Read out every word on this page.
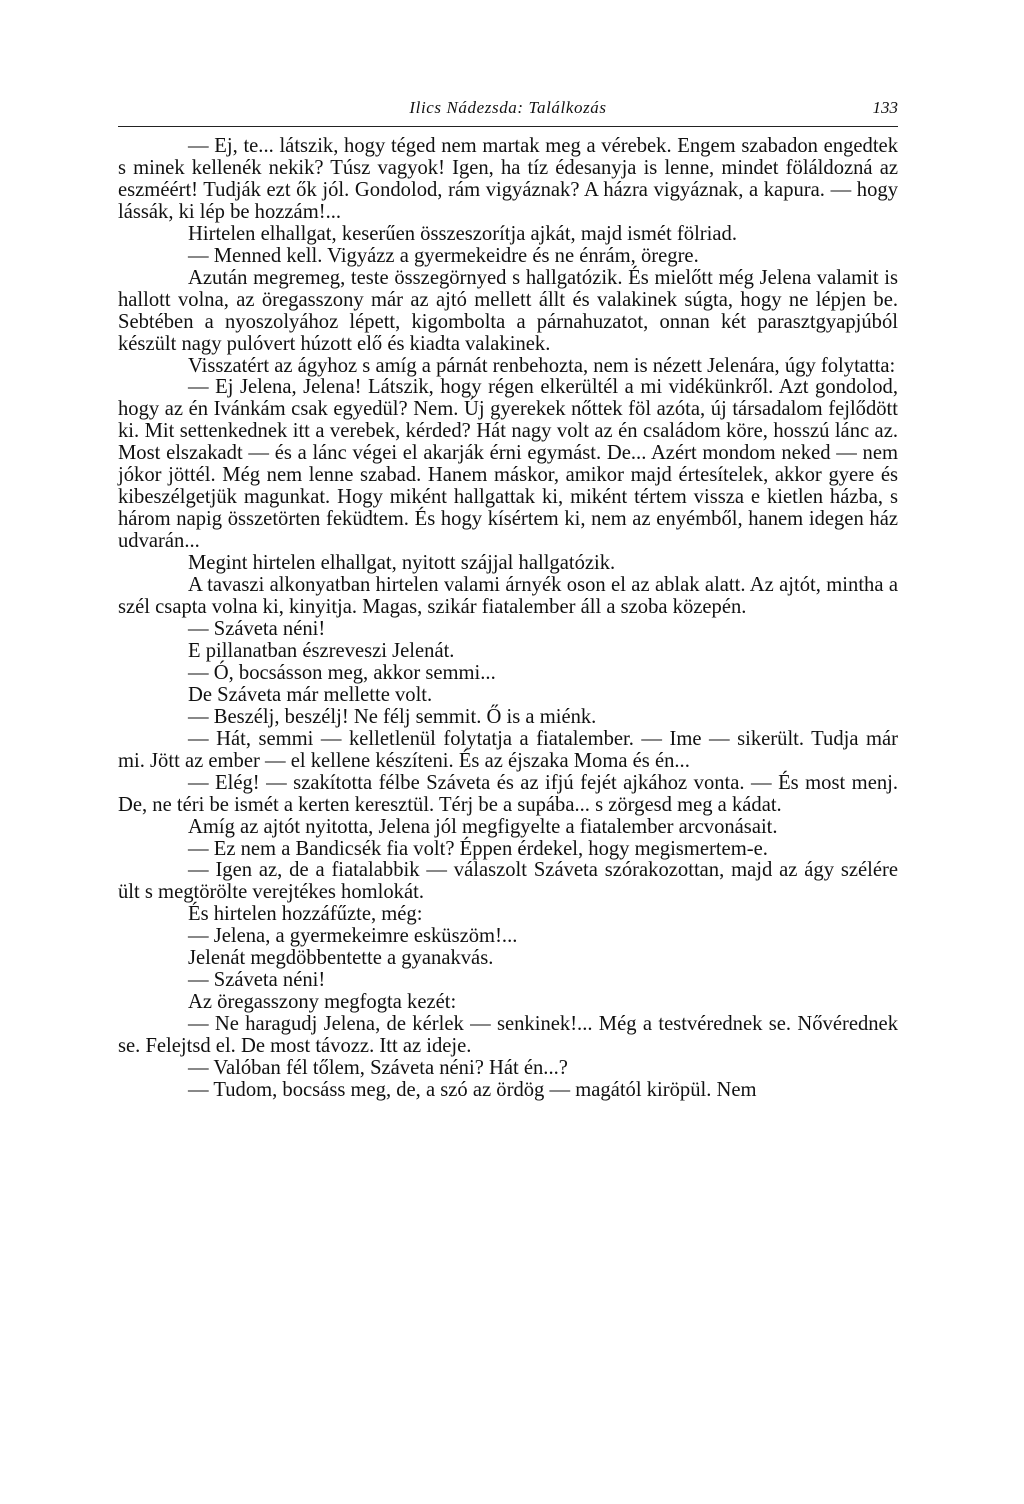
Ilics Nádezsda: Találkozás	133

— Ej, te... látszik, hogy téged nem martak meg a vérebek. Engem szabadon engedtek s minek kellenék nekik? Túsz vagyok! Igen, ha tíz édesanyja is lenne, mindet föláldozná az eszméért! Tudják ezt ők jól. Gondolod, rám vigyáznak? A házra vigyáznak, a kapura. — hogy lássák, ki lép be hozzám!...

Hirtelen elhallgat, keserűen összeszorítja ajkát, majd ismét fölriad.

— Menned kell. Vigyázz a gyermekeidre és ne énrám, öregre.

Azután megremeg, teste összegörnyed s hallgatózik. És mielőtt még Jelena valamit is hallott volna, az öregasszony már az ajtó mellett állt és valakinek súgta, hogy ne lépjen be. Sebtében a nyoszolyához lépett, kigombolta a párnahuzatot, onnan két parasztgyapjúból készült nagy pulóvert húzott elő és kiadta valakinek.

Visszatért az ágyhoz s amíg a párnát renbehozta, nem is nézett Jelenára, úgy folytatta:

— Ej Jelena, Jelena! Látszik, hogy régen elkerültél a mi vidékünkről. Azt gondolod, hogy az én Ivánkám csak egyedül? Nem. Új gyerekek nőttek föl azóta, új társadalom fejlődött ki. Mit settenkednek itt a verebek, kérded? Hát nagy volt az én családom köre, hosszú lánc az. Most elszakadt — és a lánc végei el akarják érni egymást. De... Azért mondom neked — nem jókor jöttél. Még nem lenne szabad. Hanem máskor, amikor majd értesítelek, akkor gyere és kibeszélgetjük magunkat. Hogy miként hallgattak ki, miként tértem vissza e kietlen házba, s három napig összetörten feküdtem. És hogy kísértem ki, nem az enyémből, hanem idegen ház udvarán...

Megint hirtelen elhallgat, nyitott szájjal hallgatózik.

A tavaszi alkonyatban hirtelen valami árnyék oson el az ablak alatt. Az ajtót, mintha a szél csapta volna ki, kinyitja. Magas, szikár fiatalember áll a szoba közepén.

— Száveta néni!

E pillanatban észreveszi Jelenát.

— Ó, bocsásson meg, akkor semmi...

De Száveta már mellette volt.

— Beszélj, beszélj! Ne félj semmit. Ő is a miénk.

— Hát, semmi — kelletlenül folytatja a fiatalember. — Ime — sikerült. Tudja már mi. Jött az ember — el kellene készíteni. És az éjszaka Moma és én...

— Elég! — szakította félbe Száveta és az ifjú fejét ajkához vonta. — És most menj. De, ne téri be ismét a kerten keresztül. Térj be a supába... s zörgesd meg a kádat.

Amíg az ajtót nyitotta, Jelena jól megfigyelte a fiatalember arcvonásait.

— Ez nem a Bandicsék fia volt? Éppen érdekel, hogy megismertem-e.

— Igen az, de a fiatalabbik — válaszolt Száveta szórakozottan, majd az ágy szélére ült s megtörölte verejtékes homlokát.

És hirtelen hozzáfűzte, még:

— Jelena, a gyermekeimre esküszöm!...

Jelenát megdöbbentette a gyanakvás.

— Száveta néni!

Az öregasszony megfogta kezét:

— Ne haragudj Jelena, de kérlek — senkinek!... Még a testvérednek se. Nővérednek se. Felejtsd el. De most távozz. Itt az ideje.

— Valóban fél tőlem, Száveta néni? Hát én...?

— Tudom, bocsáss meg, de, a szó az ördög — magától kiröpül. Nem
